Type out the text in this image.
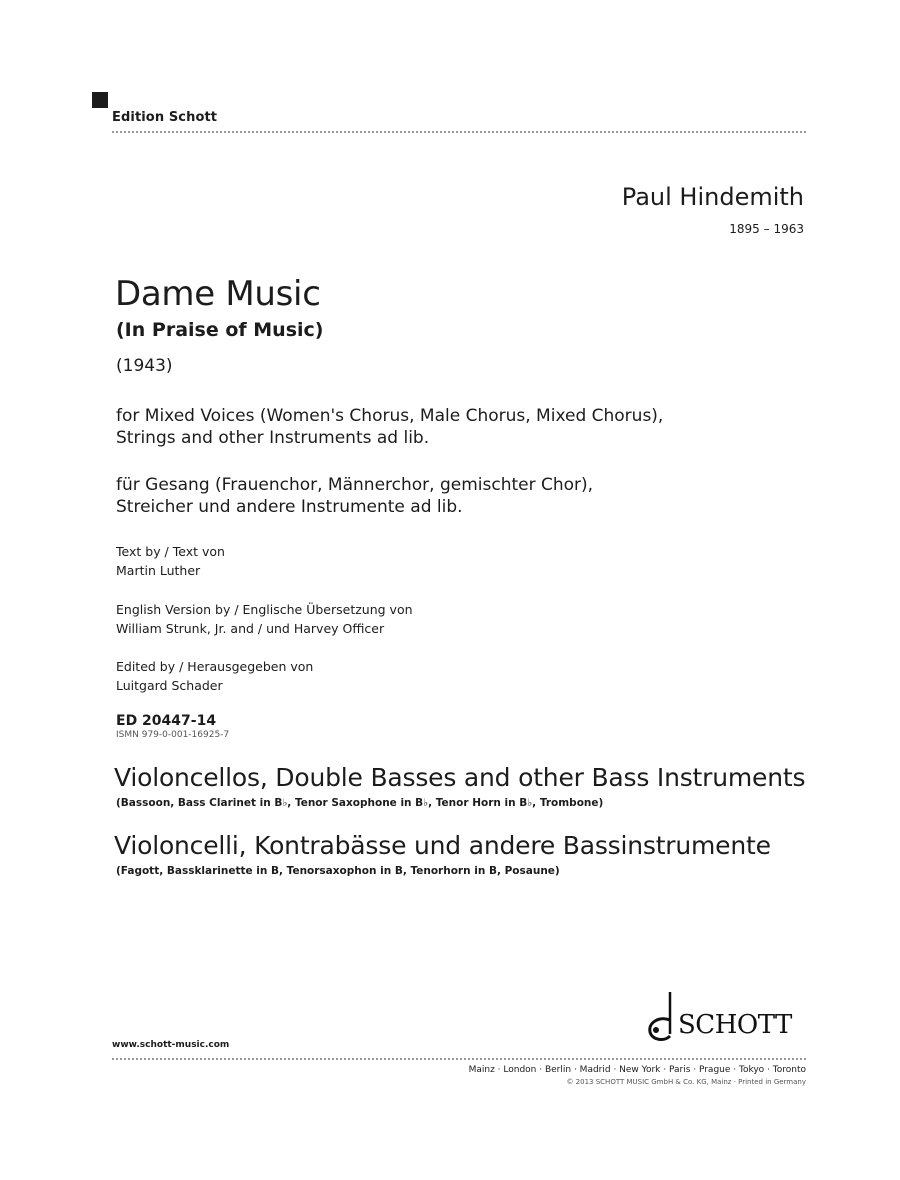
Edition Schott
Paul Hindemith
1895 – 1963
Dame Music
(In Praise of Music)
(1943)
for Mixed Voices (Women's Chorus, Male Chorus, Mixed Chorus),
Strings and other Instruments ad lib.
für Gesang (Frauenchor, Männerchor, gemischter Chor),
Streicher und andere Instrumente ad lib.
Text by / Text von
Martin Luther
English Version by / Englische Übersetzung von
William Strunk, Jr. and / und Harvey Officer
Edited by / Herausgegeben von
Luitgard Schader
ED 20447-14
ISMN 979-0-001-16925-7
Violoncellos, Double Basses and other Bass Instruments
(Bassoon, Bass Clarinet in B♭, Tenor Saxophone in B♭, Tenor Horn in B♭, Trombone)
Violoncelli, Kontrabässe und andere Bassinstrumente
(Fagott, Bassklarinette in B, Tenorsaxophon in B, Tenorhorn in B, Posaune)
SCHOTT
www.schott-music.com
Mainz · London · Berlin · Madrid · New York · Paris · Prague · Tokyo · Toronto
© 2013 SCHOTT MUSIC GmbH & Co. KG, Mainz · Printed in Germany
